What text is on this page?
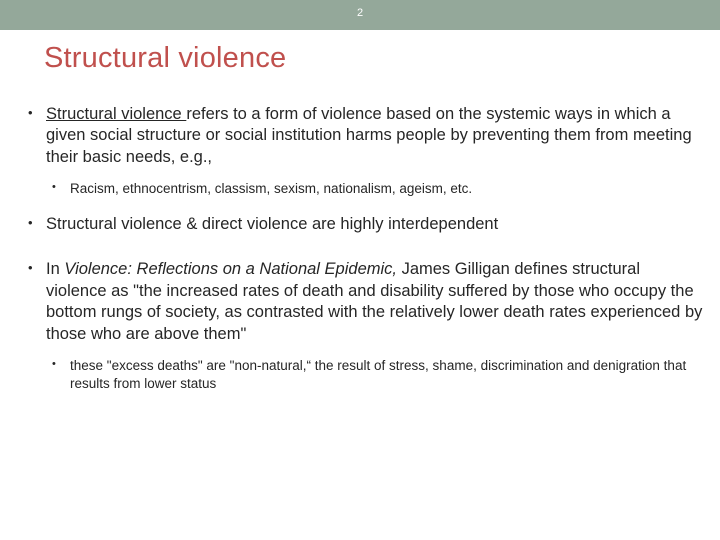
2
Structural violence
• Structural violence refers to a form of violence based on the systemic ways in which a given social structure or social institution harms people by preventing them from meeting their basic needs, e.g.,
• Racism, ethnocentrism, classism, sexism, nationalism, ageism, etc.
• Structural violence & direct violence are highly interdependent
• In Violence: Reflections on a National Epidemic, James Gilligan defines structural violence as "the increased rates of death and disability suffered by those who occupy the bottom rungs of society, as contrasted with the relatively lower death rates experienced by those who are above them"
• these "excess deaths" are "non-natural,“ the result of stress, shame, discrimination and denigration that results from lower status
